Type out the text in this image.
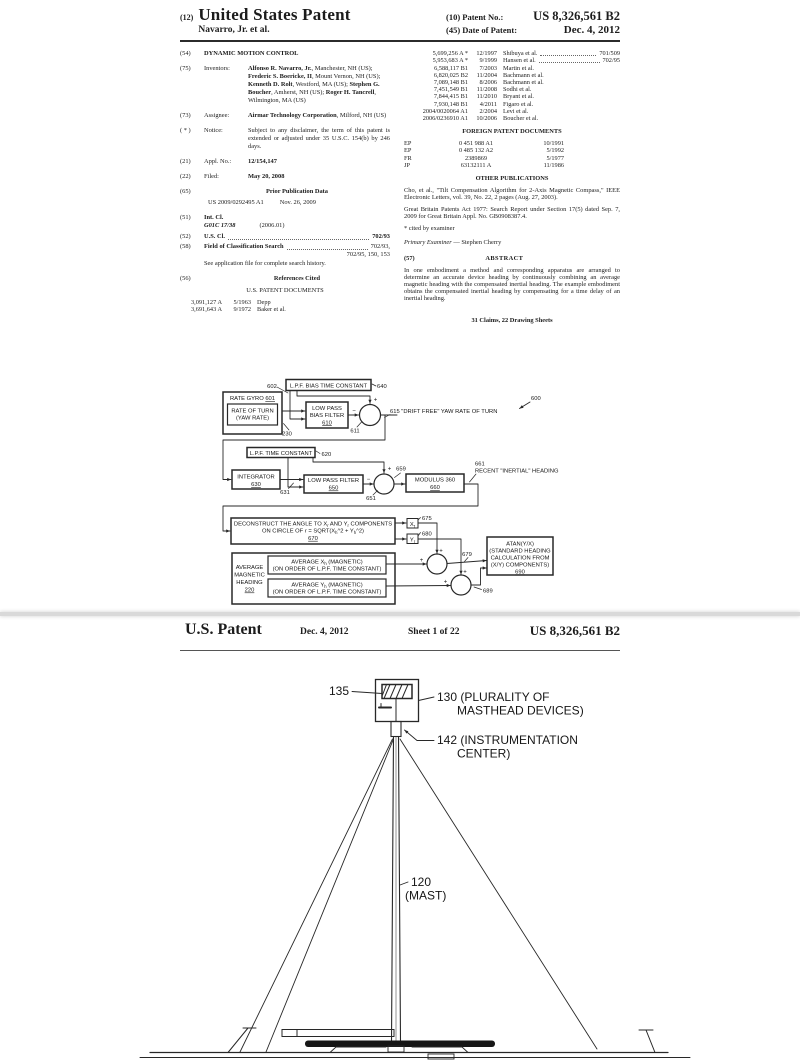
(12) United States Patent
Navarro, Jr. et al.
(10) Patent No.: US 8,326,561 B2
(45) Date of Patent:	Dec. 4, 2012
(54)	DYNAMIC MOTION CONTROL
(75)	Inventors:	Alfonso R. Navarro, Jr., Manchester, NH (US); Frederic S. Boericke, II, Mount Vernon, NH (US); Kenneth D. Rolt, Westford, MA (US); Stephen G. Boucher, Amherst, NH (US); Roger H. Tancrell, Wilmington, MA (US)
(73)	Assignee:	Airmar Technology Corporation, Milford, NH (US)
( * )	Notice:	Subject to any disclaimer, the term of this patent is extended or adjusted under 35 U.S.C. 154(b) by 246 days.
(21)	Appl. No.:	12/154,147
(22)	Filed:	May 20, 2008
(65)	Prior Publication Data
US 2009/0292495 A1	Nov. 26, 2009
(51)	Int. Cl.
G01C 17/38	(2006.01)
(52)	U.S. Cl.	702/93
(58)	Field of Classification Search	702/93,
702/95, 150, 153
See application file for complete search history.
(56)	References Cited
U.S. PATENT DOCUMENTS
3,091,127 A	5/1963 Depp
3,691,643 A	9/1972 Baker et al.
5,699,256 A *	12/1997 Shibuya et al.	701/509
5,953,683 A *	9/1999 Hansen et al.	702/95
6,588,117 B1	7/2003 Martin et al.
6,820,025 B2	11/2004 Bachmann et al.
7,089,148 B1	8/2006 Bachmann et al.
7,451,549 B1	11/2008 Sodhi et al.
7,844,415 B1	11/2010 Bryant et al.
7,930,148 B1	4/2011 Figaro et al.
2004/0020064 A1	2/2004 Levi et al.
2006/0236910 A1	10/2006 Boucher et al.
FOREIGN PATENT DOCUMENTS
EP	0 451 988 A1	10/1991
EP	0 485 132 A2	5/1992
FR	2389869	5/1977
JP	63132111 A	11/1986
OTHER PUBLICATIONS

Cho, et al., "Tilt Compensation Algorithm for 2-Axis Magnetic Compass," IEEE Electronic Letters, vol. 39, No. 22, 2 pages (Aug. 27, 2003).

Great Britain Patents Act 1977: Search Report under Section 17(5) dated Sep. 7, 2009 for Great Britain Appl. No. GB0908387.4.

* cited by examiner
Primary Examiner — Stephen Cherry
(57)	ABSTRACT

In one embodiment a method and corresponding apparatus are arranged to determine an accurate device heading by continuously combining an average magnetic heading with the compensated inertial heading. The example embodiment obtains the compensated inertial heading by compensating for a time delay of an inertial heading.

31 Claims, 22 Drawing Sheets
RATE GYRO 601
RATE OF TURN (YAW RATE)
L.P.F. BIAS TIME CONSTANT 640
602
LOW PASS BIAS FILTER 610
230	611
615 "DRIFT FREE" YAW RATE OF TURN
600
L.P.F. TIME CONSTANT 620
INTEGRATOR 630
631
LOW PASS FILTER 650
651
659
MODULUS 360 660
661 RECENT "INERTIAL" HEADING
DECONSTRUCT THE ANGLE TO $X_r$ AND $Y_r$ COMPONENTS ON CIRCLE OF $r = SQRT(X_h\^{}2$ + $Y_h\^{}2$) 670
$X_r$
$Y_r$
675
680
AVERAGE MAGNETIC HEADING 220
AVERAGE $X_h$ (MAGNETIC) (ON ORDER OF L.P.F. TIME CONSTANT)
AVERAGE $Y_h$ (MAGNETIC) (ON ORDER OF L.P.F. TIME CONSTANT)
ATAN(Y/X) (STANDARD HEADING CALCULATION FROM (X/Y) COMPONENTS) 690
679
689
−
+
−
+
+
+
+
+
U.S. Patent	Dec. 4, 2012	Sheet 1 of 22	US 8,326,561 B2
135	130 (PLURALITY OF
MASTHEAD DEVICES)
142 (INSTRUMENTATION
CENTER)
120
(MAST)
